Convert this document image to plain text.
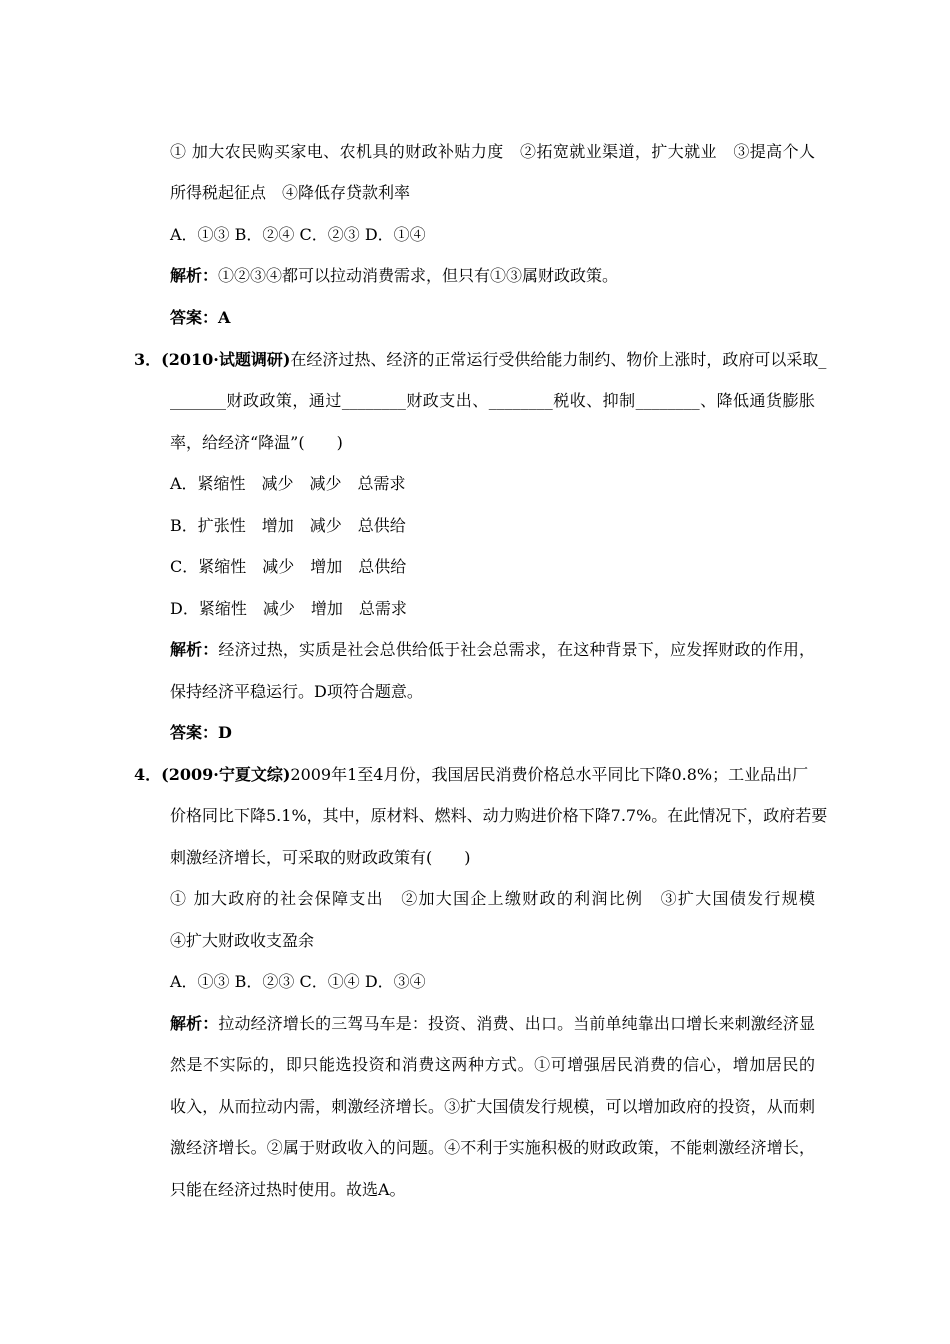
① 加大农民购买家电、农机具的财政补贴力度　②拓宽就业渠道，扩大就业　③提高个人
所得税起征点　④降低存贷款利率
A．①③ B．②④ C．②③ D．①④
解析：①②③④都可以拉动消费需求，但只有①③属财政政策。
答案：A
3．(2010·试题调研)在经济过热、经济的正常运行受供给能力制约、物价上涨时，政府可以采取_
_______财政政策，通过________财政支出、________税收、抑制________、降低通货膨胀
率，给经济“降温”(　　)
A．紧缩性　减少　减少　总需求
B．扩张性　增加　减少　总供给
C．紧缩性　减少　增加　总供给
D．紧缩性　减少　增加　总需求
解析：经济过热，实质是社会总供给低于社会总需求，在这种背景下，应发挥财政的作用，
保持经济平稳运行。D项符合题意。
答案：D
4．(2009·宁夏文综)2009年1至4月份，我国居民消费价格总水平同比下降0.8%；工业品出厂
价格同比下降5.1%，其中，原材料、燃料、动力购进价格下降7.7%。在此情况下，政府若要
刺激经济增长，可采取的财政政策有(　　)
① 加大政府的社会保障支出　②加大国企上缴财政的利润比例　③扩大国债发行规模
④扩大财政收支盈余
A．①③ B．②③ C．①④ D．③④
解析：拉动经济增长的三驾马车是：投资、消费、出口。当前单纯靠出口增长来刺激经济显
然是不实际的，即只能选投资和消费这两种方式。①可增强居民消费的信心，增加居民的
收入，从而拉动内需，刺激经济增长。③扩大国债发行规模，可以增加政府的投资，从而刺
激经济增长。②属于财政收入的问题。④不利于实施积极的财政政策，不能刺激经济增长，
只能在经济过热时使用。故选A。
